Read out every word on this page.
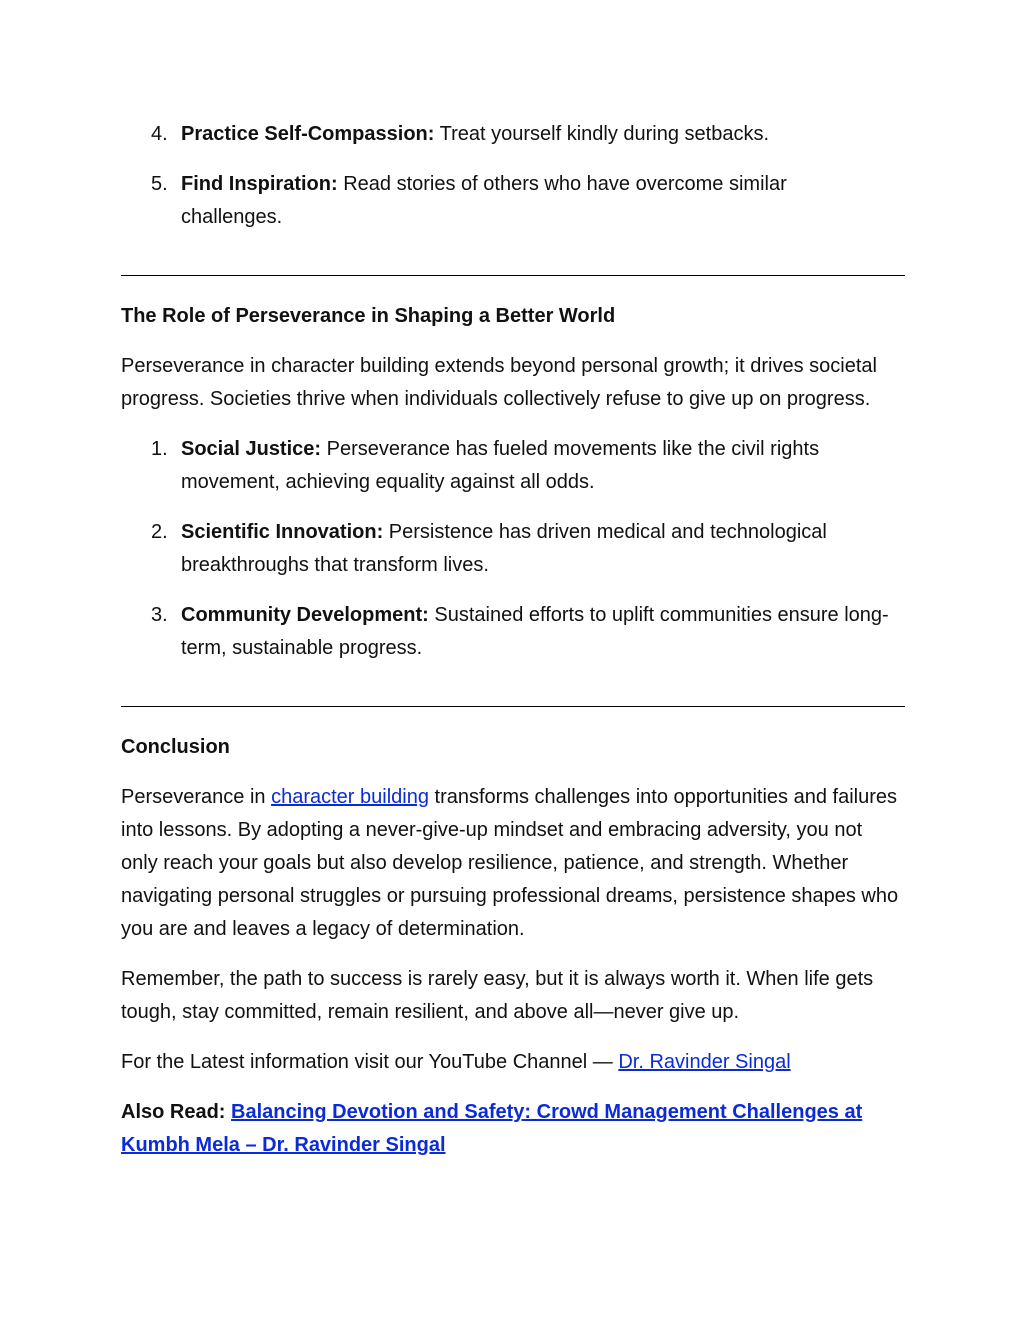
4. Practice Self-Compassion: Treat yourself kindly during setbacks.
5. Find Inspiration: Read stories of others who have overcome similar challenges.
The Role of Perseverance in Shaping a Better World
Perseverance in character building extends beyond personal growth; it drives societal progress. Societies thrive when individuals collectively refuse to give up on progress.
1. Social Justice: Perseverance has fueled movements like the civil rights movement, achieving equality against all odds.
2. Scientific Innovation: Persistence has driven medical and technological breakthroughs that transform lives.
3. Community Development: Sustained efforts to uplift communities ensure long-term, sustainable progress.
Conclusion
Perseverance in character building transforms challenges into opportunities and failures into lessons. By adopting a never-give-up mindset and embracing adversity, you not only reach your goals but also develop resilience, patience, and strength. Whether navigating personal struggles or pursuing professional dreams, persistence shapes who you are and leaves a legacy of determination.
Remember, the path to success is rarely easy, but it is always worth it. When life gets tough, stay committed, remain resilient, and above all—never give up.
For the Latest information visit our YouTube Channel — Dr. Ravinder Singal
Also Read: Balancing Devotion and Safety: Crowd Management Challenges at Kumbh Mela – Dr. Ravinder Singal
